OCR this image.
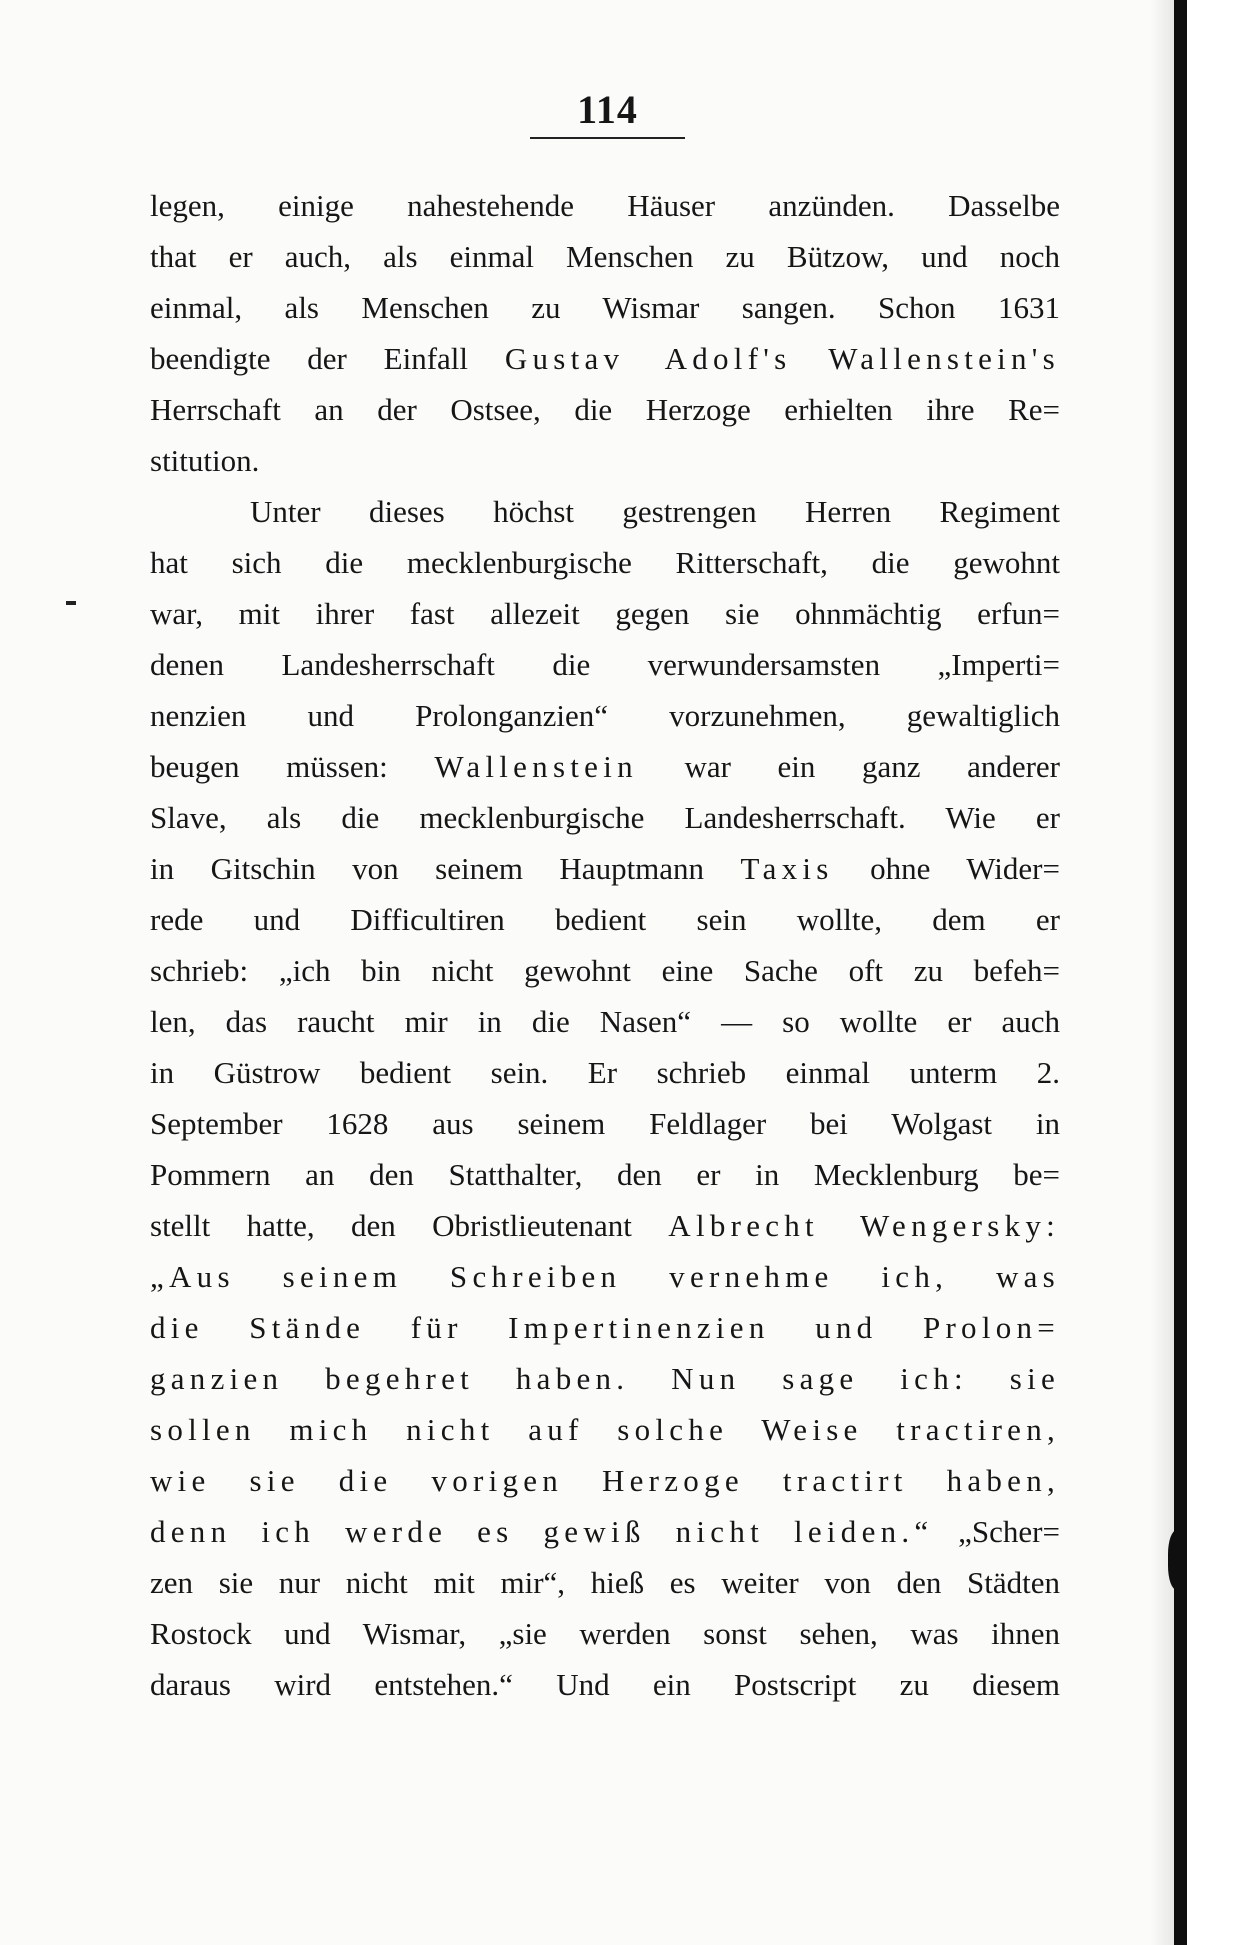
114
legen, einige nahestehende Häuser anzünden. Dasselbe
that er auch, als einmal Menschen zu Bützow, und noch
einmal, als Menschen zu Wismar sangen. Schon 1631
beendigte der Einfall Gustav Adolf's Wallenstein's
Herrschaft an der Ostsee, die Herzoge erhielten ihre Re=
stitution.
Unter dieses höchst gestrengen Herren Regiment
hat sich die mecklenburgische Ritterschaft, die gewohnt
war, mit ihrer fast allezeit gegen sie ohnmächtig erfun=
denen Landesherrschaft die verwundersamsten „Imperti=
nenzien und Prolonganzien“ vorzunehmen, gewaltiglich
beugen müssen: Wallenstein war ein ganz anderer
Slave, als die mecklenburgische Landesherrschaft. Wie er
in Gitschin von seinem Hauptmann Taxis ohne Wider=
rede und Difficultiren bedient sein wollte, dem er
schrieb: „ich bin nicht gewohnt eine Sache oft zu befeh=
len, das raucht mir in die Nasen“ — so wollte er auch
in Güstrow bedient sein. Er schrieb einmal unterm 2.
September 1628 aus seinem Feldlager bei Wolgast in
Pommern an den Statthalter, den er in Mecklenburg be=
stellt hatte, den Obristlieutenant Albrecht Wengersky:
„Aus seinem Schreiben vernehme ich, was
die Stände für Impertinenzien und Prolon=
ganzien begehret haben. Nun sage ich: sie
sollen mich nicht auf solche Weise tractiren,
wie sie die vorigen Herzoge tractirt haben,
denn ich werde es gewiß nicht leiden.“ „Scher=
zen sie nur nicht mit mir“, hieß es weiter von den Städten
Rostock und Wismar, „sie werden sonst sehen, was ihnen
daraus wird entstehen.“ Und ein Postscript zu diesem
